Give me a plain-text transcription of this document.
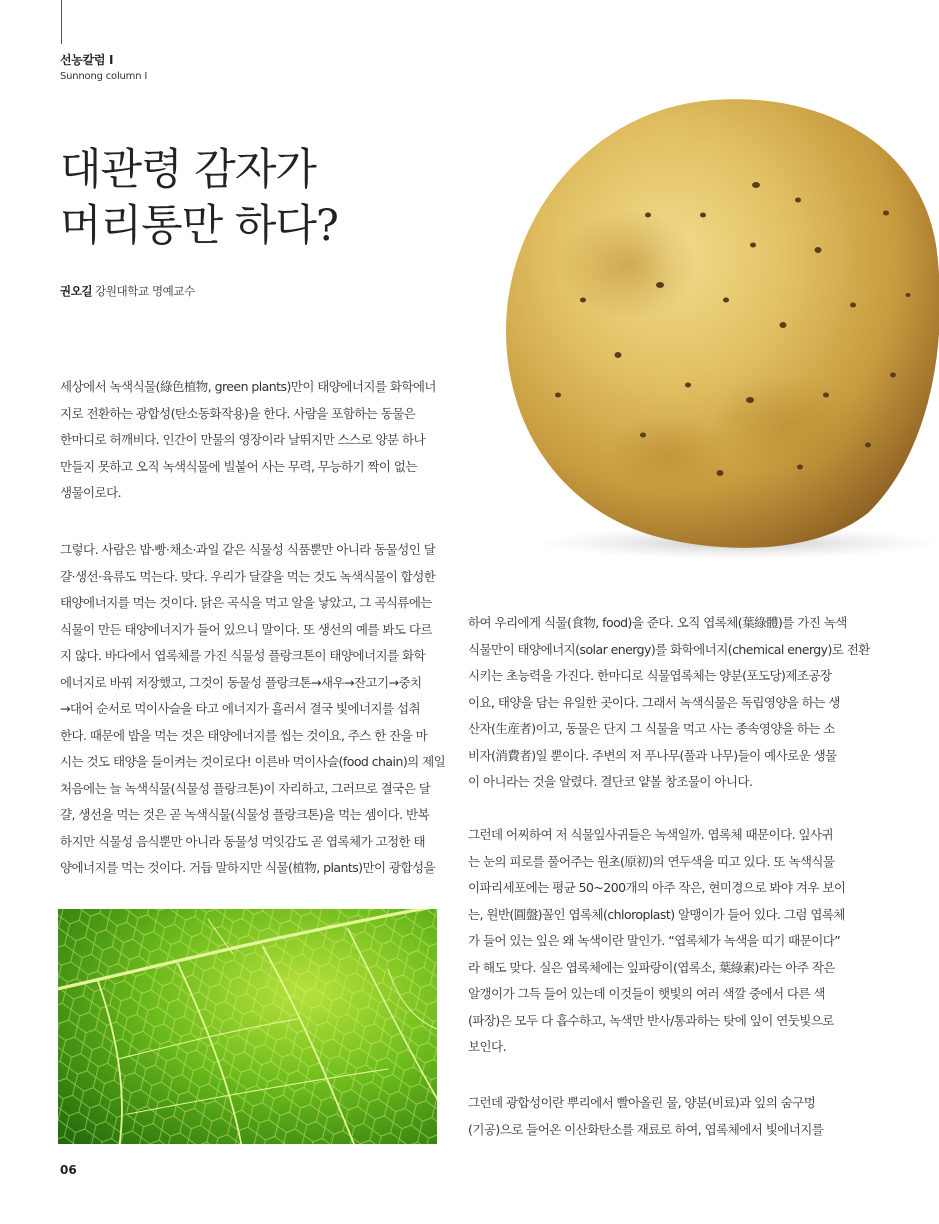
선농칼럼 I
Sunnong column I
대관령 감자가
머리통만 하다?
권오길 강원대학교 명예교수
세상에서 녹색식물(綠色植物, green plants)만이 태양에너지를 화학에너
지로 전환하는 광합성(탄소동화작용)을 한다. 사람을 포함하는 동물은
한마디로 허깨비다. 인간이 만물의 영장이라 날뛰지만 스스로 양분 하나
만들지 못하고 오직 녹색식물에 빌붙어 사는 무력, 무능하기 짝이 없는
생물이로다.
그렇다. 사람은 밥·빵·채소·과일 같은 식물성 식품뿐만 아니라 동물성인 달
걀·생선·육류도 먹는다. 맞다. 우리가 달걀을 먹는 것도 녹색식물이 합성한
태양에너지를 먹는 것이다. 닭은 곡식을 먹고 알을 낳았고, 그 곡식류에는
식물이 만든 태양에너지가 들어 있으니 말이다. 또 생선의 예를 봐도 다르
지 않다. 바다에서 엽록체를 가진 식물성 플랑크톤이 태양에너지를 화학
에너지로 바꿔 저장했고, 그것이 동물성 플랑크톤→새우→잔고기→중치
→대어 순서로 먹이사슬을 타고 에너지가 흘러서 결국 빛에너지를 섭취
한다. 때문에 밥을 먹는 것은 태양에너지를 씹는 것이요, 주스 한 잔을 마
시는 것도 태양을 들이켜는 것이로다! 이른바 먹이사슬(food chain)의 제일
처음에는 늘 녹색식물(식물성 플랑크톤)이 자리하고, 그러므로 결국은 달
걀, 생선을 먹는 것은 곧 녹색식물(식물성 플랑크톤)을 먹는 셈이다. 반복
하지만 식물성 음식뿐만 아니라 동물성 먹잇감도 곧 엽록체가 고정한 태
양에너지를 먹는 것이다. 거듭 말하지만 식물(植物, plants)만이 광합성을
하여 우리에게 식물(食物, food)을 준다. 오직 엽록체(葉綠體)를 가진 녹색
식물만이 태양에너지(solar energy)를 화학에너지(chemical energy)로 전환
시키는 초능력을 가진다. 한마디로 식물엽록체는 양분(포도당)제조공장
이요, 태양을 담는 유일한 곳이다. 그래서 녹색식물은 독립영양을 하는 생
산자(生産者)이고, 동물은 단지 그 식물을 먹고 사는 종속영양을 하는 소
비자(消費者)일 뿐이다. 주변의 저 푸나무(풀과 나무)들이 예사로운 생물
이 아니라는 것을 알렸다. 결단코 얕볼 창조물이 아니다.
그런데 어찌하여 저 식물잎사귀들은 녹색일까. 엽록체 때문이다. 잎사귀
는 눈의 피로를 풀어주는 원초(原初)의 연두색을 띠고 있다. 또 녹색식물
이파리세포에는 평균 50~200개의 아주 작은, 현미경으로 봐야 겨우 보이
는, 원반(圓盤)꼴인 엽록체(chloroplast) 알맹이가 들어 있다. 그럼 엽록체
가 들어 있는 잎은 왜 녹색이란 말인가. “엽록체가 녹색을 띠기 때문이다”
라 해도 맞다. 실은 엽록체에는 잎파랑이(엽록소, 葉綠素)라는 아주 작은
알갱이가 그득 들어 있는데 이것들이 햇빛의 여러 색깔 중에서 다른 색
(파장)은 모두 다 흡수하고, 녹색만 반사/통과하는 탓에 잎이 연둣빛으로
보인다.
그런데 광합성이란 뿌리에서 빨아올린 물, 양분(비료)과 잎의 숨구멍
(기공)으로 들어온 이산화탄소를 재료로 하여, 엽록체에서 빛에너지를
06
